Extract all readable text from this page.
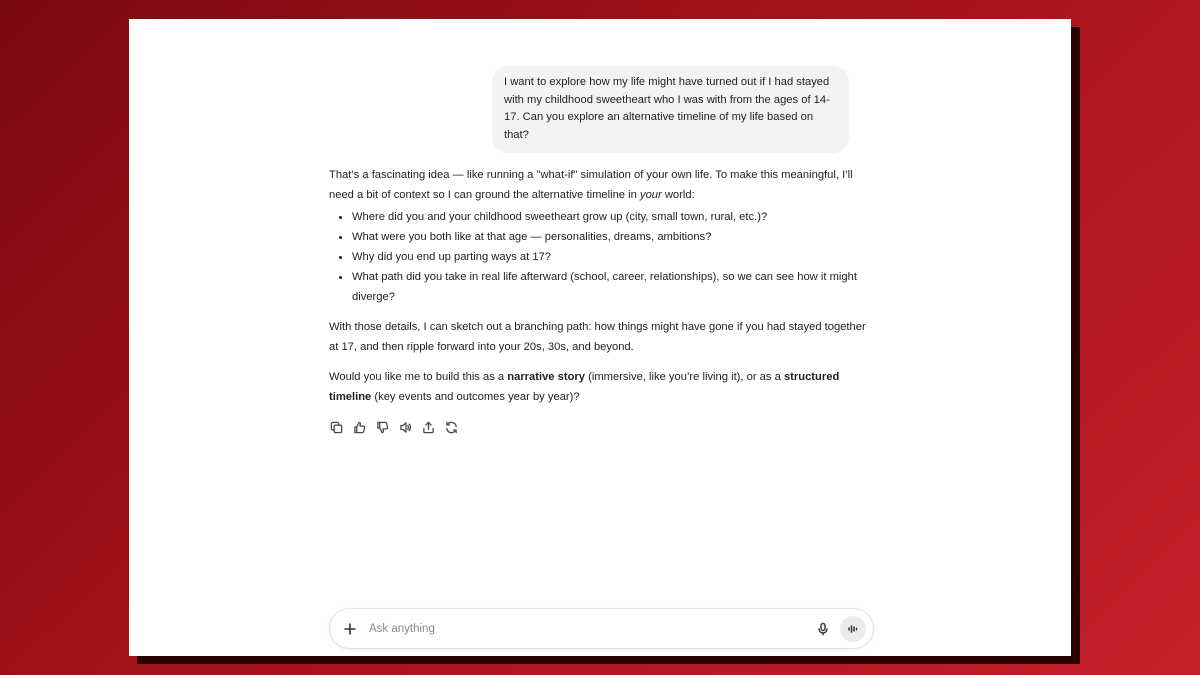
I want to explore how my life might have turned out if I had stayed with my childhood sweetheart who I was with from the ages of 14-17. Can you explore an alternative timeline of my life based on that?

That’s a fascinating idea — like running a "what-if" simulation of your own life. To make this meaningful, I’ll need a bit of context so I can ground the alternative timeline in your world:

• Where did you and your childhood sweetheart grow up (city, small town, rural, etc.)?
• What were you both like at that age — personalities, dreams, ambitions?
• Why did you end up parting ways at 17?
• What path did you take in real life afterward (school, career, relationships), so we can see how it might diverge?

With those details, I can sketch out a branching path: how things might have gone if you had stayed together at 17, and then ripple forward into your 20s, 30s, and beyond.

Would you like me to build this as a narrative story (immersive, like you’re living it), or as a structured timeline (key events and outcomes year by year)?

Ask anything
